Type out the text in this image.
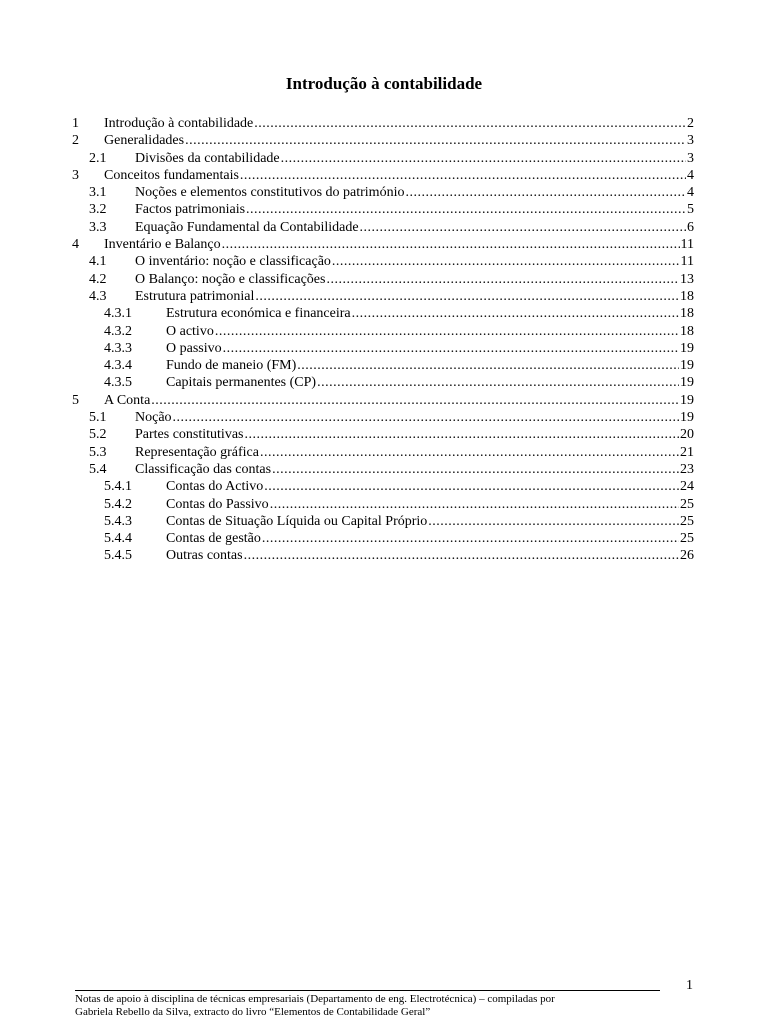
Introdução à contabilidade
1 Introdução à contabilidade .....	2
2 Generalidades .....	3
2.1 Divisões da contabilidade .....	3
3 Conceitos fundamentais .....	4
3.1 Noções e elementos constitutivos do património .....	4
3.2 Factos patrimoniais .....	5
3.3 Equação Fundamental da Contabilidade .....	6
4 Inventário e Balanço .....	11
4.1 O inventário: noção e classificação .....	11
4.2 O Balanço: noção e classificações .....	13
4.3 Estrutura patrimonial .....	18
4.3.1 Estrutura económica e financeira .....	18
4.3.2 O activo .....	18
4.3.3 O passivo .....	19
4.3.4 Fundo de maneio (FM) .....	19
4.3.5 Capitais permanentes (CP) .....	19
5 A Conta .....	19
5.1 Noção .....	19
5.2 Partes constitutivas .....	20
5.3 Representação gráfica .....	21
5.4 Classificação das contas .....	23
5.4.1 Contas do Activo .....	24
5.4.2 Contas do Passivo .....	25
5.4.3 Contas de Situação Líquida ou Capital Próprio .....	25
5.4.4 Contas de gestão .....	25
5.4.5 Outras contas .....	26
1
Notas de apoio à disciplina de técnicas empresariais (Departamento de eng. Electrotécnica) – compiladas por
Gabriela Rebello da Silva, extracto do livro “Elementos de Contabilidade Geral”
